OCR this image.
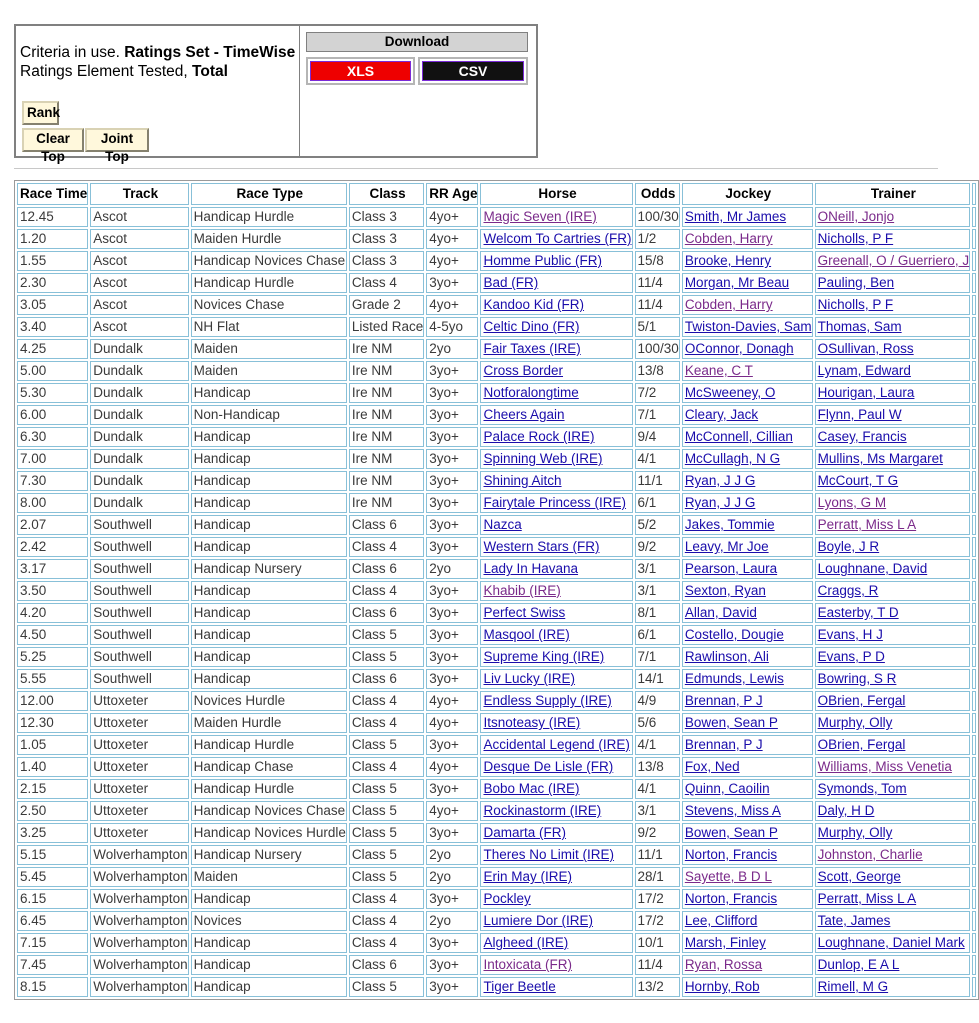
Criteria in use. Ratings Set - TimeWise
Ratings Element Tested, Total
Rank
Clear Top
Joint Top
Download
XLS	CSV
Race Time	Track	Race Type	Class	RR Age	Horse	Odds	Jockey	Trainer	
12.45	Ascot	Handicap Hurdle	Class 3	4yo+	Magic Seven (IRE)	100/30	Smith, Mr James	ONeill, Jonjo	
1.20	Ascot	Maiden Hurdle	Class 3	4yo+	Welcom To Cartries (FR)	1/2	Cobden, Harry	Nicholls, P F	
1.55	Ascot	Handicap Novices Chase	Class 3	4yo+	Homme Public (FR)	15/8	Brooke, Henry	Greenall, O / Guerriero, J	
2.30	Ascot	Handicap Hurdle	Class 4	3yo+	Bad (FR)	11/4	Morgan, Mr Beau	Pauling, Ben	
3.05	Ascot	Novices Chase	Grade 2	4yo+	Kandoo Kid (FR)	11/4	Cobden, Harry	Nicholls, P F	
3.40	Ascot	NH Flat	Listed Race	4-5yo	Celtic Dino (FR)	5/1	Twiston-Davies, Sam	Thomas, Sam	
4.25	Dundalk	Maiden	Ire NM	2yo	Fair Taxes (IRE)	100/30	OConnor, Donagh	OSullivan, Ross	
5.00	Dundalk	Maiden	Ire NM	3yo+	Cross Border	13/8	Keane, C T	Lynam, Edward	
5.30	Dundalk	Handicap	Ire NM	3yo+	Notforalongtime	7/2	McSweeney, O	Hourigan, Laura	
6.00	Dundalk	Non-Handicap	Ire NM	3yo+	Cheers Again	7/1	Cleary, Jack	Flynn, Paul W	
6.30	Dundalk	Handicap	Ire NM	3yo+	Palace Rock (IRE)	9/4	McConnell, Cillian	Casey, Francis	
7.00	Dundalk	Handicap	Ire NM	3yo+	Spinning Web (IRE)	4/1	McCullagh, N G	Mullins, Ms Margaret	
7.30	Dundalk	Handicap	Ire NM	3yo+	Shining Aitch	11/1	Ryan, J J G	McCourt, T G	
8.00	Dundalk	Handicap	Ire NM	3yo+	Fairytale Princess (IRE)	6/1	Ryan, J J G	Lyons, G M	
2.07	Southwell	Handicap	Class 6	3yo+	Nazca	5/2	Jakes, Tommie	Perratt, Miss L A	
2.42	Southwell	Handicap	Class 4	3yo+	Western Stars (FR)	9/2	Leavy, Mr Joe	Boyle, J R	
3.17	Southwell	Handicap Nursery	Class 6	2yo	Lady In Havana	3/1	Pearson, Laura	Loughnane, David	
3.50	Southwell	Handicap	Class 4	3yo+	Khabib (IRE)	3/1	Sexton, Ryan	Craggs, R	
4.20	Southwell	Handicap	Class 6	3yo+	Perfect Swiss	8/1	Allan, David	Easterby, T D	
4.50	Southwell	Handicap	Class 5	3yo+	Masqool (IRE)	6/1	Costello, Dougie	Evans, H J	
5.25	Southwell	Handicap	Class 5	3yo+	Supreme King (IRE)	7/1	Rawlinson, Ali	Evans, P D	
5.55	Southwell	Handicap	Class 6	3yo+	Liv Lucky (IRE)	14/1	Edmunds, Lewis	Bowring, S R	
12.00	Uttoxeter	Novices Hurdle	Class 4	4yo+	Endless Supply (IRE)	4/9	Brennan, P J	OBrien, Fergal	
12.30	Uttoxeter	Maiden Hurdle	Class 4	4yo+	Itsnoteasy (IRE)	5/6	Bowen, Sean P	Murphy, Olly	
1.05	Uttoxeter	Handicap Hurdle	Class 5	3yo+	Accidental Legend (IRE)	4/1	Brennan, P J	OBrien, Fergal	
1.40	Uttoxeter	Handicap Chase	Class 4	4yo+	Desque De Lisle (FR)	13/8	Fox, Ned	Williams, Miss Venetia	
2.15	Uttoxeter	Handicap Hurdle	Class 5	3yo+	Bobo Mac (IRE)	4/1	Quinn, Caoilin	Symonds, Tom	
2.50	Uttoxeter	Handicap Novices Chase	Class 5	4yo+	Rockinastorm (IRE)	3/1	Stevens, Miss A	Daly, H D	
3.25	Uttoxeter	Handicap Novices Hurdle	Class 5	3yo+	Damarta (FR)	9/2	Bowen, Sean P	Murphy, Olly	
5.15	Wolverhampton	Handicap Nursery	Class 5	2yo	Theres No Limit (IRE)	11/1	Norton, Francis	Johnston, Charlie	
5.45	Wolverhampton	Maiden	Class 5	2yo	Erin May (IRE)	28/1	Sayette, B D L	Scott, George	
6.15	Wolverhampton	Handicap	Class 4	3yo+	Pockley	17/2	Norton, Francis	Perratt, Miss L A	
6.45	Wolverhampton	Novices	Class 4	2yo	Lumiere Dor (IRE)	17/2	Lee, Clifford	Tate, James	
7.15	Wolverhampton	Handicap	Class 4	3yo+	Algheed (IRE)	10/1	Marsh, Finley	Loughnane, Daniel Mark	
7.45	Wolverhampton	Handicap	Class 6	3yo+	Intoxicata (FR)	11/4	Ryan, Rossa	Dunlop, E A L	
8.15	Wolverhampton	Handicap	Class 5	3yo+	Tiger Beetle	13/2	Hornby, Rob	Rimell, M G	
